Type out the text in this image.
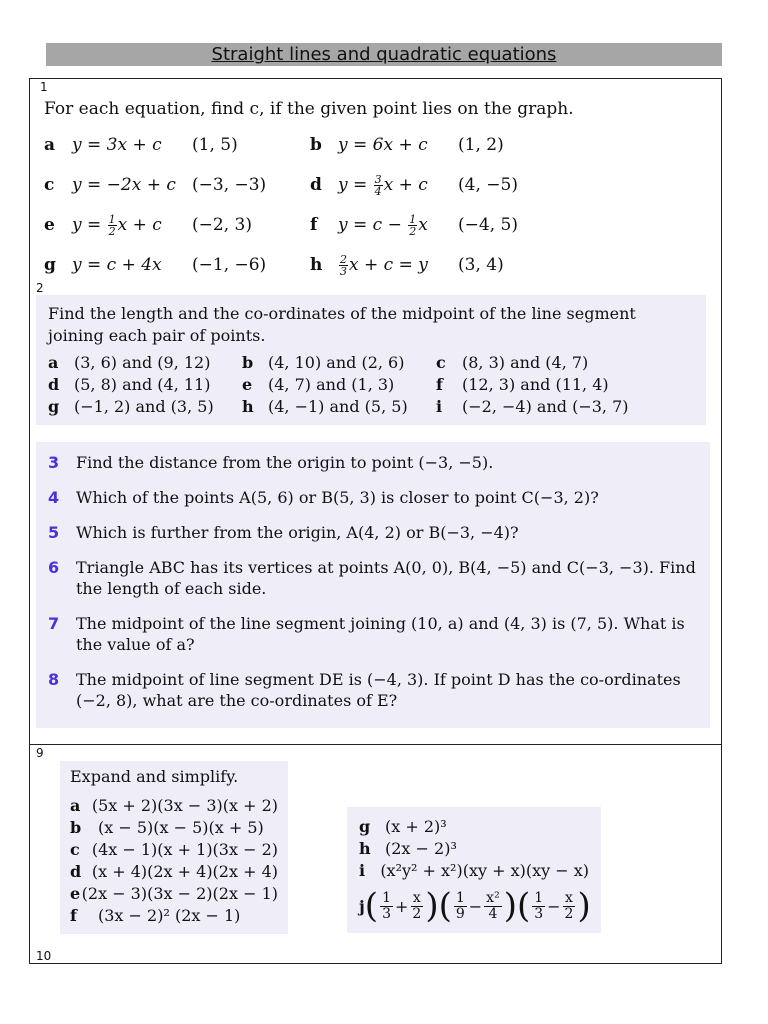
Straight lines and quadratic equations
1
For each equation, find c, if the given point lies on the graph.
a	y = 3x + c	(1, 5)	b	y = 6x + c	(1, 2)
c	y = −2x + c	(−3, −3)	d	$y = \frac{3}{4}$ x + c	(4, −5)
e	$y = \frac{1}{2}$ x + c	(−2, 3)	f	$y = c - \frac{1}{2}$ x	(−4, 5)
g	y = c + 4x	(−1, −6)	h	$\frac{2}{3}$ x + c = y	(3, 4)
2
Find the length and the co-ordinates of the midpoint of the line segment joining each pair of points.
a	(3, 6) and (9, 12)	b	(4, 10) and (2, 6)	c	(8, 3) and (4, 7)
d	(5, 8) and (4, 11)	e	(4, 7) and (1, 3)	f	(12, 3) and (11, 4)
g	(−1, 2) and (3, 5)	h	(4, −1) and (5, 5)	i	(−2, −4) and (−3, 7)
3	Find the distance from the origin to point (−3, −5).
4	Which of the points A(5, 6) or B(5, 3) is closer to point C(−3, 2)?
5	Which is further from the origin, A(4, 2) or B(−3, −4)?
6	Triangle ABC has its vertices at points A(0, 0), B(4, −5) and C(−3, −3). Find the length of each side.
7	The midpoint of the line segment joining (10, a) and (4, 3) is (7, 5). What is the value of a?
8	The midpoint of line segment DE is (−4, 3). If point D has the co-ordinates (−2, 8), what are the co-ordinates of E?
9
Expand and simplify.
a (5x + 2)(3x − 3)(x + 2)
b	(x − 5)(x − 5)(x + 5)
c (4x − 1)(x + 1)(3x − 2)
d (x + 4)(2x + 4)(2x + 4)
e (2x − 3)(3x − 2)(2x − 1)
f	(3x − 2)² (2x − 1)
g (x + 2)³
h (2x − 2)³
i (x²y² + x²)(xy + x)(xy − x)
j ( $\frac{1}{3} + \frac{x}{2}$ )( $\frac{1}{9} - \frac{\text{x²}}{4}$ )( $\frac{1}{3} - \frac{x}{2}$ )
10
